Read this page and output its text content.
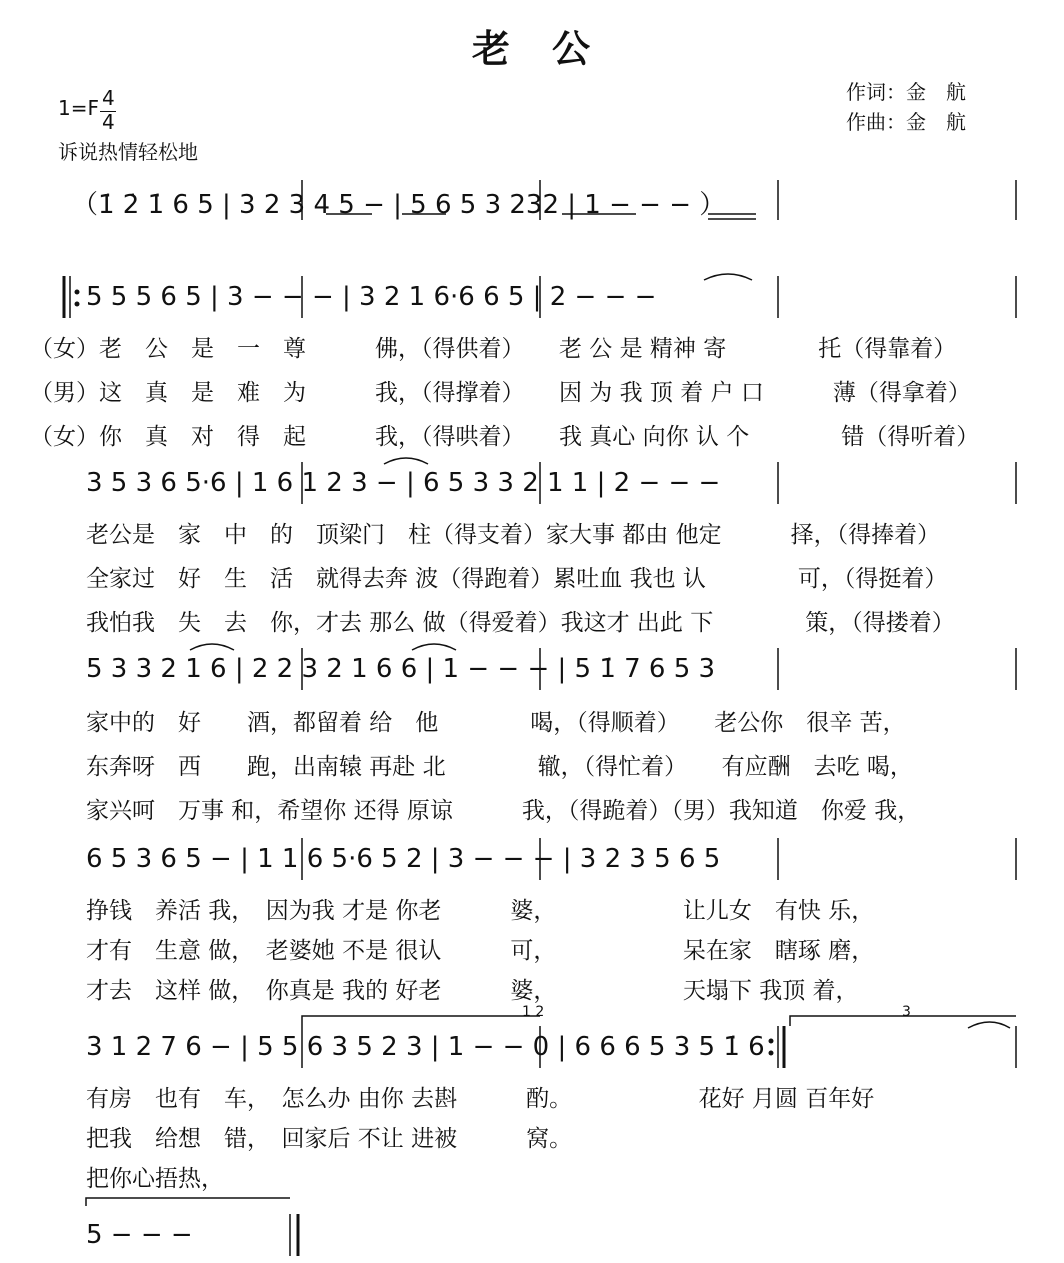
老　公
1=F 4
4
诉说热情轻松地
作词：金　航
作曲：金　航
（1̇ 2̇ 1̇ 6 5 | 3 2 3 4 5 − | 5 6 5 3 232 | 1 − − − ）
5 5 5 6 5 | 3 − − − | 3 2 1 6·6 6 5 | 2 − − −
（女）老　公　是　一　尊　　　佛，（得供着）　　老 公 是 精神 寄　　　　托（得靠着）
（男）这　真　是　难　为　　　我，（得撑着）　　因 为 我 顶 着 户 口　　　薄（得拿着）
（女）你　真　对　得　起　　　我，（得哄着）　　我 真心 向你 认 个　　　　错（得听着）
3 5 3 6 5·6 | 1 6 1 2 3 − | 6 5 3 3 2 1 1 | 2 − − −
老公是　家　中　的　顶梁门　柱（得支着）家大事 都由 他定　　　择，（得捧着）
全家过　好　生　活　就得去奔 波（得跑着）累吐血 我也 认　　　　可，（得挺着）
我怕我　失　去　你，才去 那么 做（得爱着）我这才 出此 下　　　　策，（得搂着）
5 3 3 2 1 6 | 2 2 3 2 1 6 6 | 1 − − − | 5 1̇ 7 6 5 3
家中的　好　　酒，都留着 给　他　　　　喝，（得顺着）　　老公你　很辛 苦，
东奔呀　西　　跑，出南辕 再赴 北　　　　辙，（得忙着）　　有应酬　去吃 喝，
家兴呵　万事 和，希望你 还得 原谅　　　我，（得跪着）（男）我知道　你爱 我，
6 5 3 6 5 − | 1 1 6 5·6 5 2 | 3 − − − | 3 2 3 5 6 5
挣钱　养活 我，　因为我 才是 你老　　　婆，　　　　　　让儿女　有快 乐，
才有　生意 做，　老婆她 不是 很认　　　可，　　　　　　呆在家　瞎琢 磨，
才去　这样 做，　你真是 我的 好老　　　婆，　　　　　　天塌下 我顶 着，
3 1 2 7 6 − | 5 5 6 3 5 2 3 | 1 − − 0 | 6 6 6 5 3 5 1̇ 6
有房　也有　车，　怎么办 由你 去斟　　　酌。　　　　　　花好 月圆 百年好
把我　给想　错，　回家后 不让 进被　　　窝。
把你心捂热，
1 2	3
5 − − −
